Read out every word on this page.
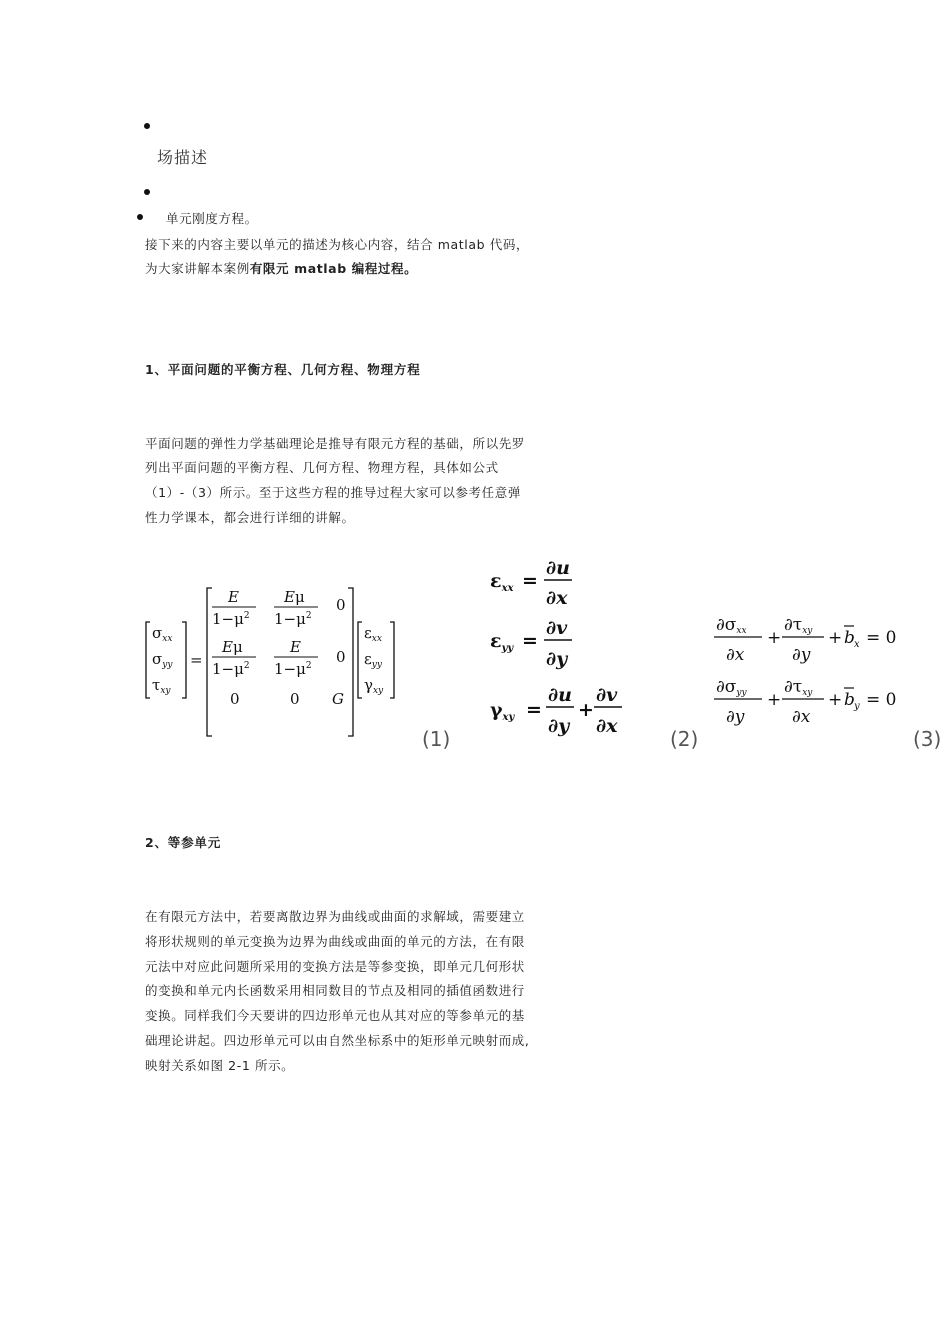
场描述
单元刚度方程。
接下来的内容主要以单元的描述为核心内容，结合 matlab 代码，
为大家讲解本案例有限元 matlab 编程过程。
1、平面问题的平衡方程、几何方程、物理方程
平面问题的弹性力学基础理论是推导有限元方程的基础，所以先罗
列出平面问题的平衡方程、几何方程、物理方程，具体如公式
（1）-（3）所示。至于这些方程的推导过程大家可以参考任意弹
性力学课本，都会进行详细的讲解。
$\sigma_{xx}$
$\sigma_{yy}$
$\tau_{xy}$
=
E
$1-\mu^2$
Eμ
$1-\mu^2$
0
Eμ
$1-\mu^2$
E
$1-\mu^2$ 0
0	0 G
$\varepsilon_{xx}$
$\varepsilon_{yy}$
$\gamma_{xy}$
(1)
$\varepsilon_{xx}$ =
∂u
∂x
$\varepsilon_{yy}$ =
∂v
∂y
$\gamma_{xy}$ =
∂u
∂y
+
∂v
∂x
(2)
∂σxx
∂x
+
∂τxy
∂y
+ b x = 0
∂σyy
∂y
+
∂τxy
∂x
+ b y = 0
(3)
2、等参单元
在有限元方法中，若要离散边界为曲线或曲面的求解域，需要建立
将形状规则的单元变换为边界为曲线或曲面的单元的方法，在有限
元法中对应此问题所采用的变换方法是等参变换，即单元几何形状
的变换和单元内长函数采用相同数目的节点及相同的插值函数进行
变换。同样我们今天要讲的四边形单元也从其对应的等参单元的基
础理论讲起。四边形单元可以由自然坐标系中的矩形单元映射而成,
映射关系如图 2-1 所示。
